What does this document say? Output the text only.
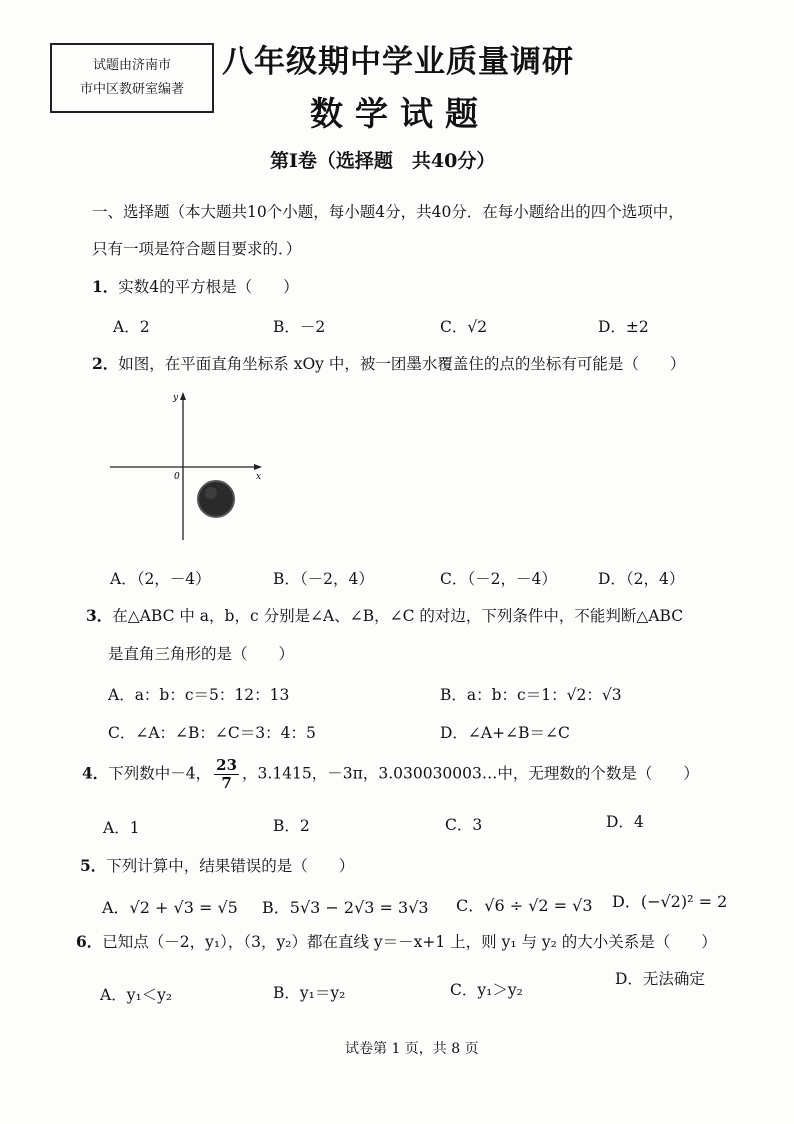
试题由济南市
市中区教研室编著
八年级期中学业质量调研
数学试题
第I卷（选择题　共40分）
一、选择题（本大题共10个小题，每小题4分，共40分．在每小题给出的四个选项中，
只有一项是符合题目要求的．）
1．实数4的平方根是（　　）
A．2	B．－2	C．√2	D．±2
2．如图，在平面直角坐标系 xOy 中，被一团墨水覆盖住的点的坐标有可能是（　　）
x
y
0
A．（2，－4）	B．（－2，4）	C．（－2，－4）	D．（2，4）
3．在△ABC 中 a，b，c 分别是∠A、∠B，∠C 的对边，下列条件中，不能判断△ABC
是直角三角形的是（　　）
A．a：b：c＝5：12：13	B．a：b：c＝1：√2：√3
C．∠A：∠B：∠C＝3：4：5	D．∠A+∠B＝∠C
4．下列数中－4， $\frac{23}{7}$ ，3.1415，－3π，3.030030003…中，无理数的个数是（　　）
A．1	B．2	C．3	D．4
5．下列计算中，结果错误的是（　　）
A．√2 + √3 = √5 B．5√3 − 2√3 = 3√3 C．√6 ÷ √2 = √3 D．(−√2)² = 2
6．已知点（－2，y₁），（3，y₂）都在直线 y＝－x+1 上，则 y₁ 与 y₂ 的大小关系是（　　）
A．y₁＜y₂	B．y₁＝y₂	C．y₁＞y₂
D．无法确定
试卷第 1 页，共 8 页
